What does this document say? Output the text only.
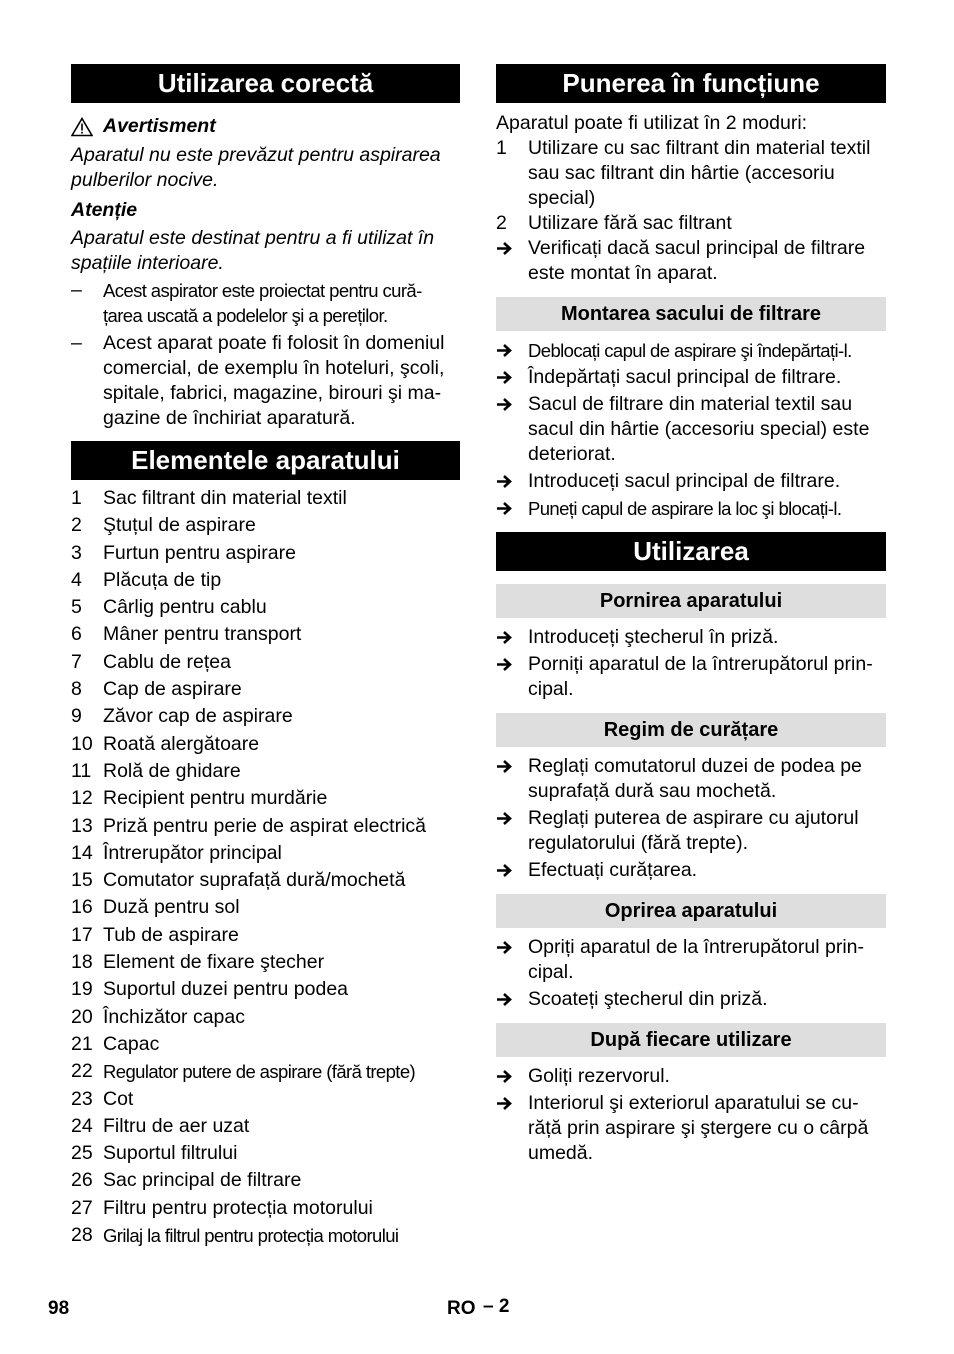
Utilizarea corectă
Avertisment
Aparatul nu este prevăzut pentru aspirarea pulberilor nocive.
Atenție
Aparatul este destinat pentru a fi utilizat în spațiile interioare.
–	Acest aspirator este proiectat pentru cură-țarea uscată a podelelor şi a pereților.
–	Acest aparat poate fi folosit în domeniul comercial, de exemplu în hoteluri, şcoli, spitale, fabrici, magazine, birouri şi ma-gazine de închiriat aparatură.
Elementele aparatului
1	Sac filtrant din material textil
2	Ştuțul de aspirare
3	Furtun pentru aspirare
4	Plăcuța de tip
5	Cârlig pentru cablu
6	Mâner pentru transport
7	Cablu de rețea
8	Cap de aspirare
9	Zăvor cap de aspirare
10 Roată alergătoare
11 Rolă de ghidare
12 Recipient pentru murdărie
13 Priză pentru perie de aspirat electrică
14 Întrerupător principal
15 Comutator suprafață dură/mochetă
16 Duză pentru sol
17 Tub de aspirare
18 Element de fixare ştecher
19 Suportul duzei pentru podea
20 Închizător capac
21 Capac
22 Regulator putere de aspirare (fără trepte)
23 Cot
24 Filtru de aer uzat
25 Suportul filtrului
26 Sac principal de filtrare
27 Filtru pentru protecția motorului
28 Grilaj la filtrul pentru protecția motorului
Punerea în funcțiune
Aparatul poate fi utilizat în 2 moduri:
1	Utilizare cu sac filtrant din material textil sau sac filtrant din hârtie (accesoriu special)
2	Utilizare fără sac filtrant
Verificați dacă sacul principal de filtrare este montat în aparat.
Montarea sacului de filtrare
Deblocați capul de aspirare şi îndepărtați-l.
Îndepărtați sacul principal de filtrare.
Sacul de filtrare din material textil sau sacul din hârtie (accesoriu special) este deteriorat.
Introduceți sacul principal de filtrare.
Puneți capul de aspirare la loc şi blocați-l.
Utilizarea
Pornirea aparatului
Introduceți ştecherul în priză.
Porniți aparatul de la întrerupătorul prin-cipal.
Regim de curățare
Reglați comutatorul duzei de podea pe suprafață dură sau mochetă.
Reglați puterea de aspirare cu ajutorul regulatorului (fără trepte).
Efectuați curățarea.
Oprirea aparatului
Opriți aparatul de la întrerupătorul prin-cipal.
Scoateți ştecherul din priză.
După fiecare utilizare
Goliți rezervorul.
Interiorul şi exteriorul aparatului se cu-răță prin aspirare şi ştergere cu o cârpă umedă.
98	RO – 2
